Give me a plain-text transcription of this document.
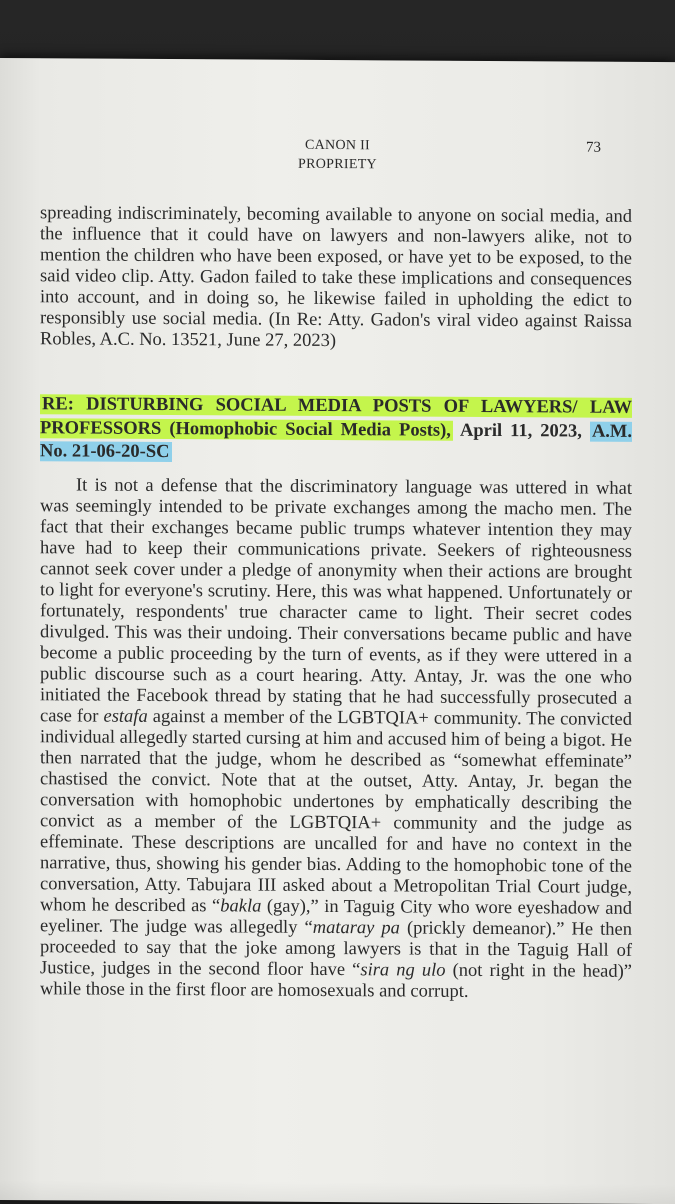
CANON II
PROPRIETY
73

spreading indiscriminately, becoming available to anyone on social media, and the influence that it could have on lawyers and non-lawyers alike, not to mention the children who have been exposed, or have yet to be exposed, to the said video clip. Atty. Gadon failed to take these implications and consequences into account, and in doing so, he likewise failed in upholding the edict to responsibly use social media. (In Re: Atty. Gadon's viral video against Raissa Robles, A.C. No. 13521, June 27, 2023)

RE: DISTURBING SOCIAL MEDIA POSTS OF LAWYERS/ LAW PROFESSORS (Homophobic Social Media Posts), April 11, 2023, A.M. No. 21-06-20-SC

It is not a defense that the discriminatory language was uttered in what was seemingly intended to be private exchanges among the macho men. The fact that their exchanges became public trumps whatever intention they may have had to keep their communications private. Seekers of righteousness cannot seek cover under a pledge of anonymity when their actions are brought to light for everyone's scrutiny. Here, this was what happened. Unfortunately or fortunately, respondents' true character came to light. Their secret codes divulged. This was their undoing. Their conversations became public and have become a public proceeding by the turn of events, as if they were uttered in a public discourse such as a court hearing. Atty. Antay, Jr. was the one who initiated the Facebook thread by stating that he had successfully prosecuted a case for estafa against a member of the LGBTQIA+ community. The convicted individual allegedly started cursing at him and accused him of being a bigot. He then narrated that the judge, whom he described as “somewhat effeminate” chastised the convict. Note that at the outset, Atty. Antay, Jr. began the conversation with homophobic undertones by emphatically describing the convict as a member of the LGBTQIA+ community and the judge as effeminate. These descriptions are uncalled for and have no context in the narrative, thus, showing his gender bias. Adding to the homophobic tone of the conversation, Atty. Tabujara III asked about a Metropolitan Trial Court judge, whom he described as “bakla (gay),” in Taguig City who wore eyeshadow and eyeliner. The judge was allegedly “mataray pa (prickly demeanor).” He then proceeded to say that the joke among lawyers is that in the Taguig Hall of Justice, judges in the second floor have “sira ng ulo (not right in the head)” while those in the first floor are homosexuals and corrupt.
